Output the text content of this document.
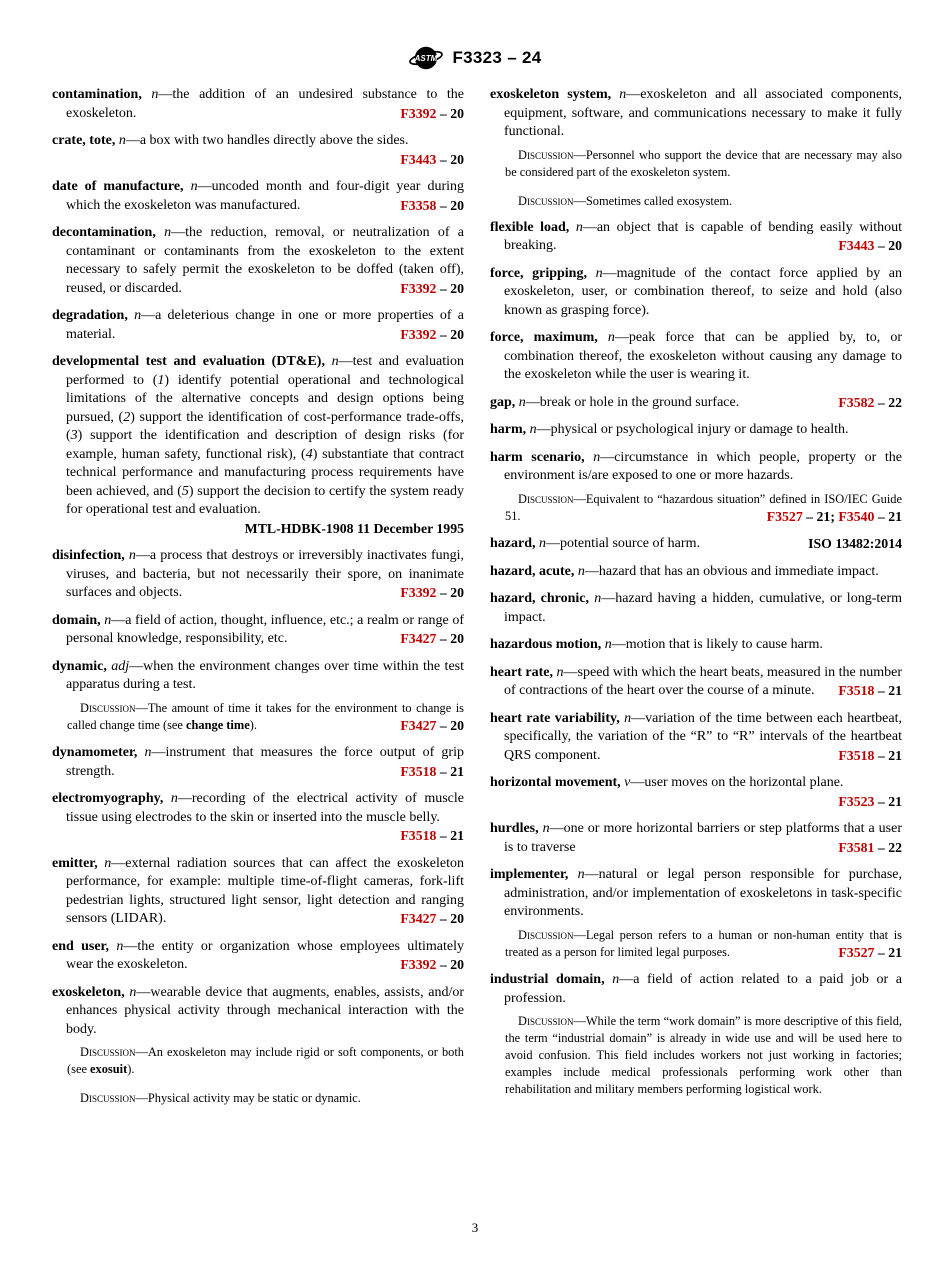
ASTM F3323 – 24

contamination, n—the addition of an undesired substance to the exoskeleton.	F3392 – 20

crate, tote, n—a box with two handles directly above the sides.
F3443 – 20

date of manufacture, n—uncoded month and four-digit year during which the exoskeleton was manufactured.	F3358 – 20

decontamination, n—the reduction, removal, or neutralization of a contaminant or contaminants from the exoskeleton to the extent necessary to safely permit the exoskeleton to be doffed (taken off), reused, or discarded.	F3392 – 20

degradation, n—a deleterious change in one or more properties of a material.	F3392 – 20

developmental test and evaluation (DT&E), n—test and evaluation performed to (1) identify potential operational and technological limitations of the alternative concepts and design options being pursued, (2) support the identification of cost-performance trade-offs, (3) support the identification and description of design risks (for example, human safety, functional risk), (4) substantiate that contract technical performance and manufacturing process requirements have been achieved, and (5) support the decision to certify the system ready for operational test and evaluation.
MTL-HDBK-1908 11 December 1995

disinfection, n—a process that destroys or irreversibly inactivates fungi, viruses, and bacteria, but not necessarily their spore, on inanimate surfaces and objects.	F3392 – 20

domain, n—a field of action, thought, influence, etc.; a realm or range of personal knowledge, responsibility, etc.	F3427 – 20

dynamic, adj—when the environment changes over time within the test apparatus during a test.

Discussion—The amount of time it takes for the environment to change is called change time (see change time).	F3427 – 20

dynamometer, n—instrument that measures the force output of grip strength.	F3518 – 21

electromyography, n—recording of the electrical activity of muscle tissue using electrodes to the skin or inserted into the muscle belly.
F3518 – 21

emitter, n—external radiation sources that can affect the exoskeleton performance, for example: multiple time-of-flight cameras, fork-lift pedestrian lights, structured light sensor, light detection and ranging sensors (LIDAR).	F3427 – 20

end user, n—the entity or organization whose employees ultimately wear the exoskeleton.	F3392 – 20

exoskeleton, n—wearable device that augments, enables, assists, and/or enhances physical activity through mechanical interaction with the body.

Discussion—An exoskeleton may include rigid or soft components, or both (see exosuit).

Discussion—Physical activity may be static or dynamic.

exoskeleton system, n—exoskeleton and all associated components, equipment, software, and communications necessary to make it fully functional.

Discussion—Personnel who support the device that are necessary may also be considered part of the exoskeleton system.

Discussion—Sometimes called exosystem.

flexible load, n—an object that is capable of bending easily without breaking.	F3443 – 20

force, gripping, n—magnitude of the contact force applied by an exoskeleton, user, or combination thereof, to seize and hold (also known as grasping force).

force, maximum, n—peak force that can be applied by, to, or combination thereof, the exoskeleton without causing any damage to the exoskeleton while the user is wearing it.

gap, n—break or hole in the ground surface.	F3582 – 22

harm, n—physical or psychological injury or damage to health.

harm scenario, n—circumstance in which people, property or the environment is/are exposed to one or more hazards.

Discussion—Equivalent to “hazardous situation” defined in ISO/IEC Guide 51.	F3527 – 21; F3540 – 21

hazard, n—potential source of harm.	ISO 13482:2014

hazard, acute, n—hazard that has an obvious and immediate impact.

hazard, chronic, n—hazard having a hidden, cumulative, or long-term impact.

hazardous motion, n—motion that is likely to cause harm.

heart rate, n—speed with which the heart beats, measured in the number of contractions of the heart over the course of a minute. F3518 – 21

heart rate variability, n—variation of the time between each heartbeat, specifically, the variation of the “R” to “R” intervals of the heartbeat QRS component.	F3518 – 21

horizontal movement, v—user moves on the horizontal plane.
F3523 – 21

hurdles, n—one or more horizontal barriers or step platforms that a user is to traverse	F3581 – 22

implementer, n—natural or legal person responsible for purchase, administration, and/or implementation of exoskeletons in task-specific environments.

Discussion—Legal person refers to a human or non-human entity that is treated as a person for limited legal purposes.	F3527 – 21

industrial domain, n—a field of action related to a paid job or a profession.

Discussion—While the term “work domain” is more descriptive of this field, the term “industrial domain” is already in wide use and will be used here to avoid confusion. This field includes workers not just working in factories; examples include medical professionals performing work other than rehabilitation and military members performing logistical work.

3
